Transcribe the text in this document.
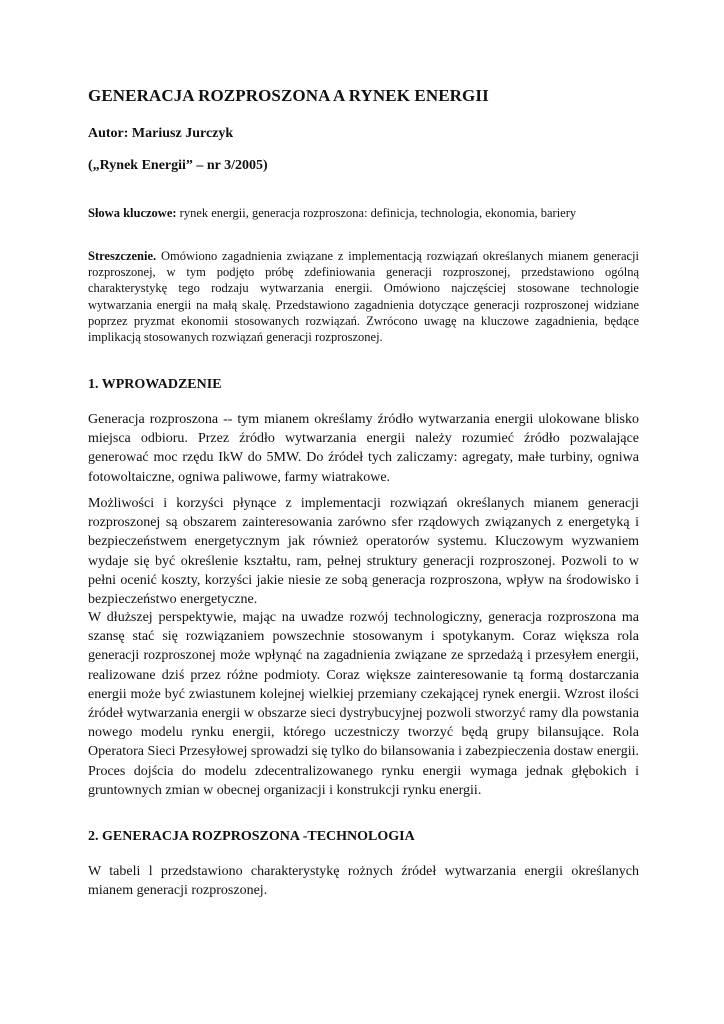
GENERACJA ROZPROSZONA A RYNEK ENERGII

Autor: Mariusz Jurczyk

(„Rynek Energii” – nr 3/2005)

Słowa kluczowe: rynek energii, generacja rozproszona: definicja, technologia, ekonomia, bariery

Streszczenie. Omówiono zagadnienia związane z implementacją rozwiązań określanych mianem generacji rozproszonej, w tym podjęto próbę zdefiniowania generacji rozproszonej, przedstawiono ogólną charakterystykę tego rodzaju wytwarzania energii. Omówiono najczęściej stosowane technologie wytwarzania energii na małą skalę. Przedstawiono zagadnienia dotyczące generacji rozproszonej widziane poprzez pryzmat ekonomii stosowanych rozwiązań. Zwrócono uwagę na kluczowe zagadnienia, będące implikacją stosowanych rozwiązań generacji rozproszonej.

1. WPROWADZENIE

Generacja rozproszona -- tym mianem określamy źródło wytwarzania energii ulokowane blisko miejsca odbioru. Przez źródło wytwarzania energii należy rozumieć źródło pozwalające generować moc rzędu IkW do 5MW. Do źródeł tych zaliczamy: agregaty, małe turbiny, ogniwa fotowoltaiczne, ogniwa paliwowe, farmy wiatrakowe.

Możliwości i korzyści płynące z implementacji rozwiązań określanych mianem generacji rozproszonej są obszarem zainteresowania zarówno sfer rządowych związanych z energetyką i bezpieczeństwem energetycznym jak również operatorów systemu. Kluczowym wyzwaniem wydaje się być określenie kształtu, ram, pełnej struktury generacji rozproszonej. Pozwoli to w pełni ocenić koszty, korzyści jakie niesie ze sobą generacja rozproszona, wpływ na środowisko i bezpieczeństwo energetyczne.

W dłuższej perspektywie, mając na uwadze rozwój technologiczny, generacja rozproszona ma szansę stać się rozwiązaniem powszechnie stosowanym i spotykanym. Coraz większa rola generacji rozproszonej może wpłynąć na zagadnienia związane ze sprzedażą i przesyłem energii, realizowane dziś przez różne podmioty. Coraz większe zainteresowanie tą formą dostarczania energii może być zwiastunem kolejnej wielkiej przemiany czekającej rynek energii. Wzrost ilości źródeł wytwarzania energii w obszarze sieci dystrybucyjnej pozwoli stworzyć ramy dla powstania nowego modelu rynku energii, którego uczestniczy tworzyć będą grupy bilansujące. Rola Operatora Sieci Przesyłowej sprowadzi się tylko do bilansowania i zabezpieczenia dostaw energii. Proces dojścia do modelu zdecentralizowanego rynku energii wymaga jednak głębokich i gruntownych zmian w obecnej organizacji i konstrukcji rynku energii.

2. GENERACJA ROZPROSZONA -TECHNOLOGIA

W tabeli l przedstawiono charakterystykę rożnych źródeł wytwarzania energii określanych mianem generacji rozproszonej.
